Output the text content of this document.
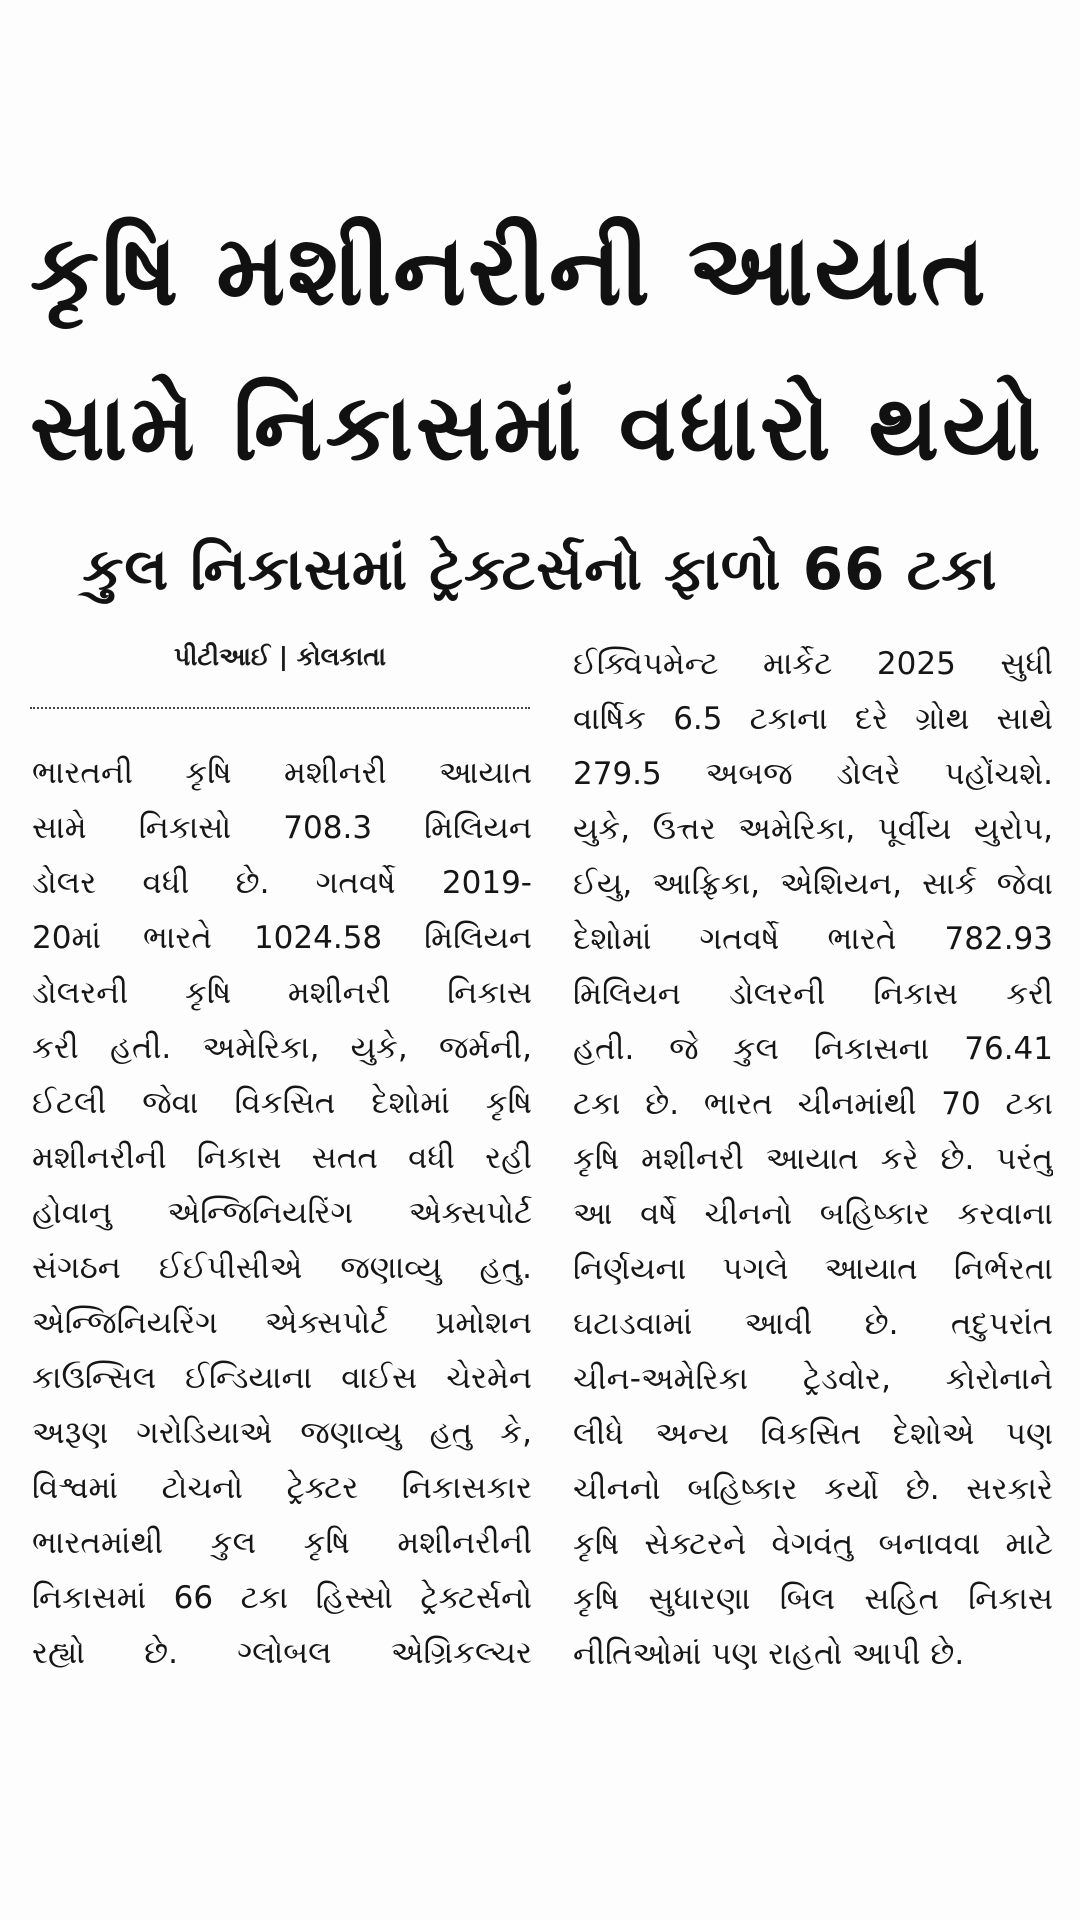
કૃષિ મશીનરીની આયાત
સામે નિકાસમાં વધારો થયો
કુલ નિકાસમાં ટ્રેક્ટર્સનો ફાળો 66 ટકા
પીટીઆઈ | કોલકાતા
ભારતની કૃષિ મશીનરી આયાત
સામે નિકાસો 708.3 મિલિયન
ડોલર વધી છે. ગતવર્ષે 2019-
20માં ભારતે 1024.58 મિલિયન
ડોલરની કૃષિ મશીનરી નિકાસ
કરી હતી. અમેરિકા, યુકે, જર્મની,
ઈટલી જેવા વિકસિત દેશોમાં કૃષિ
મશીનરીની નિકાસ સતત વધી રહી
હોવાનુ એન્જિનિયરિંગ એક્સપોર્ટ
સંગઠન ઈઈપીસીએ જણાવ્યુ હતુ.
એન્જિનિયરિંગ એક્સપોર્ટ પ્રમોશન
કાઉન્સિલ ઈન્ડિયાના વાઈસ ચેરમેન
અરૂણ ગરોડિયાએ જણાવ્યુ હતુ કે,
વિશ્વમાં ટોચનો ટ્રેક્ટર નિકાસકાર
ભારતમાંથી કુલ કૃષિ મશીનરીની
નિકાસમાં 66 ટકા હિસ્સો ટ્રેક્ટર્સનો
રહ્યો છે. ગ્લોબલ એગ્રિકલ્ચર
ઈક્વિપમેન્ટ માર્કેટ 2025 સુધી
વાર્ષિક 6.5 ટકાના દરે ગ્રોથ સાથે
279.5 અબજ ડોલરે પહોંચશે.
યુકે, ઉત્તર અમેરિકા, પૂર્વીય યુરોપ,
ઈયુ, આફ્રિકા, એશિયન, સાર્ક જેવા
દેશોમાં ગતવર્ષે ભારતે 782.93
મિલિયન ડોલરની નિકાસ કરી
હતી. જે કુલ નિકાસના 76.41
ટકા છે. ભારત ચીનમાંથી 70 ટકા
કૃષિ મશીનરી આયાત કરે છે. પરંતુ
આ વર્ષે ચીનનો બહિષ્કાર કરવાના
નિર્ણયના પગલે આયાત નિર્ભરતા
ઘટાડવામાં આવી છે. તદુપરાંત
ચીન-અમેરિકા ટ્રેડવોર, કોરોનાને
લીધે અન્ય વિકસિત દેશોએ પણ
ચીનનો બહિષ્કાર કર્યો છે. સરકારે
કૃષિ સેક્ટરને વેગવંતુ બનાવવા માટે
કૃષિ સુધારણા બિલ સહિત નિકાસ
નીતિઓમાં પણ રાહતો આપી છે.
